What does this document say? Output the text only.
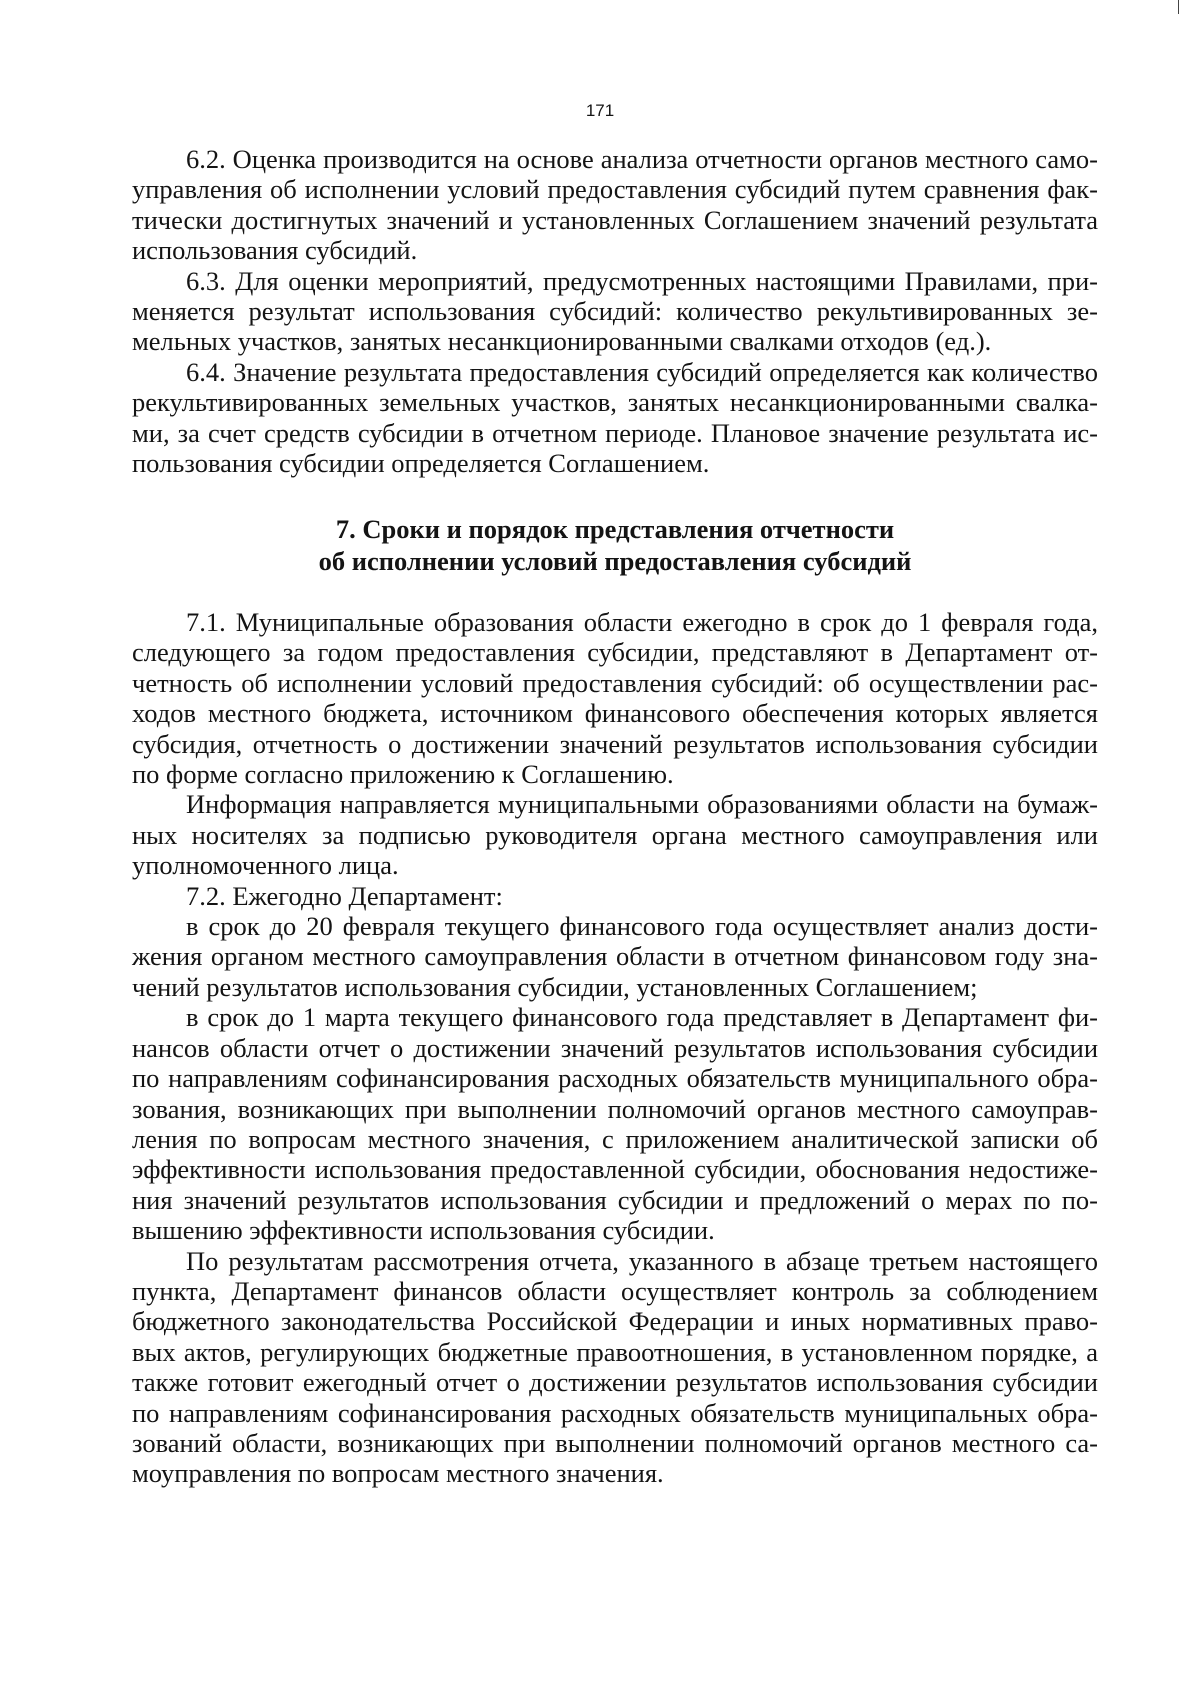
171
6.2. Оценка производится на основе анализа отчетности органов местного само-
управления об исполнении условий предоставления субсидий путем сравнения фак-
тически достигнутых значений и установленных Соглашением значений результата
использования субсидий.
6.3. Для оценки мероприятий, предусмотренных настоящими Правилами, при-
меняется результат использования субсидий: количество рекультивированных зе-
мельных участков, занятых несанкционированными свалками отходов (ед.).
6.4. Значение результата предоставления субсидий определяется как количество
рекультивированных земельных участков, занятых несанкционированными свалка-
ми, за счет средств субсидии в отчетном периоде. Плановое значение результата ис-
пользования субсидии определяется Соглашением.
7. Сроки и порядок представления отчетности
об исполнении условий предоставления субсидий
7.1. Муниципальные образования области ежегодно в срок до 1 февраля года,
следующего за годом предоставления субсидии, представляют в Департамент от-
четность об исполнении условий предоставления субсидий: об осуществлении рас-
ходов местного бюджета, источником финансового обеспечения которых является
субсидия, отчетность о достижении значений результатов использования субсидии
по форме согласно приложению к Соглашению.
Информация направляется муниципальными образованиями области на бумаж-
ных носителях за подписью руководителя органа местного самоуправления или
уполномоченного лица.
7.2. Ежегодно Департамент:
в срок до 20 февраля текущего финансового года осуществляет анализ дости-
жения органом местного самоуправления области в отчетном финансовом году зна-
чений результатов использования субсидии, установленных Соглашением;
в срок до 1 марта текущего финансового года представляет в Департамент фи-
нансов области отчет о достижении значений результатов использования субсидии
по направлениям софинансирования расходных обязательств муниципального обра-
зования, возникающих при выполнении полномочий органов местного самоуправ-
ления по вопросам местного значения, с приложением аналитической записки об
эффективности использования предоставленной субсидии, обоснования недостиже-
ния значений результатов использования субсидии и предложений о мерах по по-
вышению эффективности использования субсидии.
По результатам рассмотрения отчета, указанного в абзаце третьем настоящего
пункта, Департамент финансов области осуществляет контроль за соблюдением
бюджетного законодательства Российской Федерации и иных нормативных право-
вых актов, регулирующих бюджетные правоотношения, в установленном порядке, а
также готовит ежегодный отчет о достижении результатов использования субсидии
по направлениям софинансирования расходных обязательств муниципальных обра-
зований области, возникающих при выполнении полномочий органов местного са-
моуправления по вопросам местного значения.
